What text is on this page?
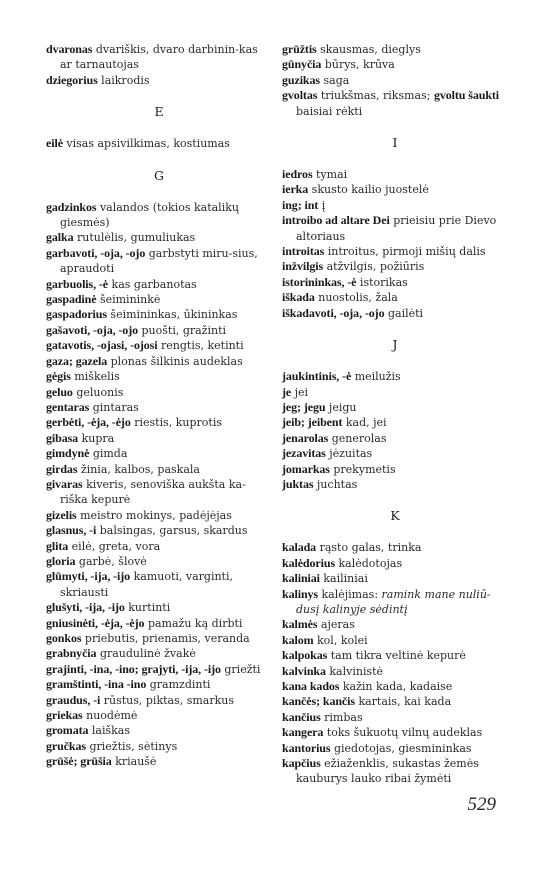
dvaronas dvariškis, dvaro darbinin-kas ar tarnautojas

dziegorius laikrodis

E

eilė visas apsivilkimas, kostiumas

G

gadzinkos valandos (tokios katalikų giesmės)

galka rutulėlis, gumuliukas

garbavoti, -oja, -ojo garbstyti miru-sius, apraudoti

garbuolis, -ė kas garbanotas

gaspadinė šeimininkė

gaspadorius šeimininkas, ūkininkas

gašavoti, -oja, -ojo puošti, gražinti

gatavotis, -ojasi, -ojosi rengtis, ketinti

gaza; gazela plonas šilkinis audeklas

gėgis miškelis

geluo geluonis

gentaras gintaras

gerbėti, -ėja, -ėjo riestis, kuprotis

gibasa kupra

gimdynė gimda

girdas žinia, kalbos, paskala

givaras kiveris, senoviška aukšta ka-riška kepurė

gizelis meistro mokinys, padėjėjas

glasnus, -i balsingas, garsus, skardus

glita eilė, greta, vora

gloria garbė, šlovė

glūmyti, -ija, -ijo kamuoti, varginti, skriausti

glušyti, -ija, -ijo kurtinti

gniusinėti, -ėja, -ėjo pamažu ką dirbti

gonkos priebutis, prienamis, veranda

grabnyčia graudulinė žvakė

grajinti, -ina, -ino; grajyti, -ija, -ijo griežti

gramštinti, -ina -ino gramzdinti

graudus, -i rūstus, piktas, smarkus

griekas nuodėmė

gromata laiškas

gručkas griežtis, sėtinys

grūšė; grūšia kriaušė

grūžtis skausmas, dieglys

gūnyčia būrys, krūva

guzikas saga

gvoltas triukšmas, riksmas; gvoltu šaukti baisiai rėkti

I

iedros tymai

ierka skusto kailio juostelė

ing; int į

introibo ad altare Dei prieisiu prie Dievo altoriaus

introitas introitus, pirmoji mišių dalis

inžvilgis atžvilgis, požiūris

istorininkas, -ė istorikas

iškada nuostolis, žala

iškadavoti, -oja, -ojo gailėti

J

jaukintinis, -ė meilužis

je jei

jeg; jegu jeigu

jeib; jeibent kad, jei

jenarolas generolas

jezavitas jėzuitas

jomarkas prekymetis

juktas juchtas

K

kalada rąsto galas, trinka

kalėdorius kalėdotojas

kaliniai kailiniai

kalinys kalėjimas: ramink mane nuliū-dusį kalinyje sėdintį

kalmės ajeras

kalom kol, kolei

kalpokas tam tikra veltinė kepurė

kalvinka kalvinistė

kana kados kažin kada, kadaise

kančės; kančis kartais, kai kada

kančius rimbas

kangera toks šukuotų vilnų audeklas

kantorius giedotojas, giesmininkas

kapčius ežiaženklis, sukastas žemės kauburys lauko ribai žymėti

529
